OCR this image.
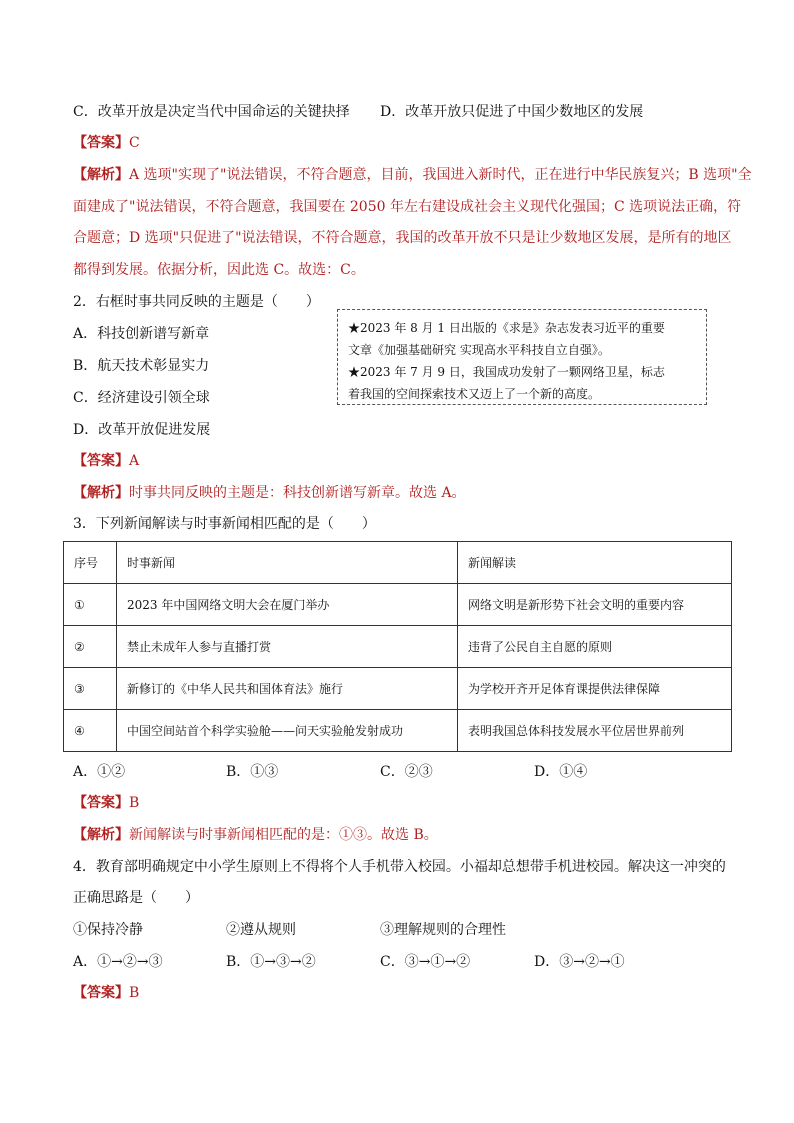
C．改革开放是决定当代中国命运的关键抉择 D．改革开放只促进了中国少数地区的发展
【答案】C
【解析】A 选项"实现了"说法错误，不符合题意，目前，我国进入新时代，正在进行中华民族复兴；B 选项"全
面建成了"说法错误，不符合题意，我国要在 2050 年左右建设成社会主义现代化强国；C 选项说法正确，符
合题意；D 选项"只促进了"说法错误，不符合题意，我国的改革开放不只是让少数地区发展，是所有的地区
都得到发展。依据分析，因此选 C。故选：C。
2．右框时事共同反映的主题是（　　）
A．科技创新谱写新章
B．航天技术彰显实力
C．经济建设引领全球
D．改革开放促进发展
★2023 年 8 月 1 日出版的《求是》杂志发表习近平的重要
文章《加强基础研究 实现高水平科技自立自强》。
★2023 年 7 月 9 日，我国成功发射了一颗网络卫星，标志
着我国的空间探索技术又迈上了一个新的高度。
【答案】A
【解析】时事共同反映的主题是：科技创新谱写新章。故选 A。
3．下列新闻解读与时事新闻相匹配的是（　　）
序号	时事新闻	新闻解读
①	2023 年中国网络文明大会在厦门举办	网络文明是新形势下社会文明的重要内容
②	禁止未成年人参与直播打赏	违背了公民自主自愿的原则
③	新修订的《中华人民共和国体育法》施行	为学校开齐开足体育课提供法律保障
④	中国空间站首个科学实验舱——问天实验舱发射成功	表明我国总体科技发展水平位居世界前列
A．①②	B．①③	C．②③	D．①④
【答案】B
【解析】新闻解读与时事新闻相匹配的是：①③。故选 B。
4．教育部明确规定中小学生原则上不得将个人手机带入校园。小福却总想带手机进校园。解决这一冲突的
正确思路是（　　）
①保持冷静	②遵从规则	③理解规则的合理性
A．①→②→③	B．①→③→②	C．③→①→②	D．③→②→①
【答案】B
